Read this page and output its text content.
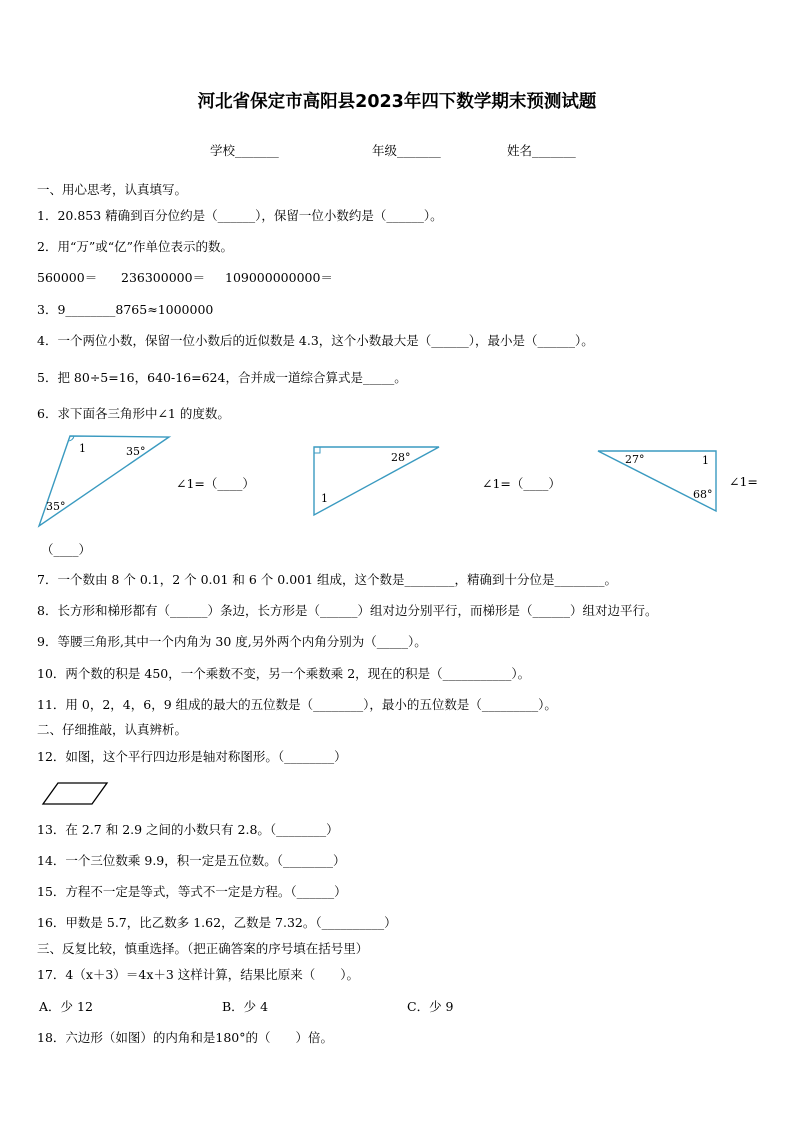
河北省保定市高阳县2023年四下数学期末预测试题
学校_______	年级_______	姓名_______
一、用心思考，认真填写。
1．20.853 精确到百分位约是（______），保留一位小数约是（______）。
2．用“万”或“亿”作单位表示的数。
560000＝ 236300000＝ 109000000000＝
3．9________8765≈1000000
4．一个两位小数，保留一位小数后的近似数是 4.3，这个小数最大是（______），最小是（______）。
5．把 80÷5=16，640-16=624，合并成一道综合算式是_____。
6．求下面各三角形中∠1 的度数。
1	35°
35°
∠1=（____）
28°
1
∠1=（____）
27°	1
68°
∠1=
（____）
7．一个数由 8 个 0.1，2 个 0.01 和 6 个 0.001 组成，这个数是________，精确到十分位是________。
8．长方形和梯形都有（______）条边，长方形是（______）组对边分别平行，而梯形是（______）组对边平行。
9．等腰三角形,其中一个内角为 30 度,另外两个内角分别为（_____）。
10．两个数的积是 450，一个乘数不变，另一个乘数乘 2，现在的积是（___________）。
11．用 0，2，4，6，9 组成的最大的五位数是（________），最小的五位数是（_________）。
二、仔细推敲，认真辨析。
12．如图，这个平行四边形是轴对称图形。（________）
13．在 2.7 和 2.9 之间的小数只有 2.8。（________）
14．一个三位数乘 9.9，积一定是五位数。（________）
15．方程不一定是等式，等式不一定是方程。（______）
16．甲数是 5.7，比乙数多 1.62，乙数是 7.32。（__________）
三、反复比较，慎重选择。（把正确答案的序号填在括号里）
17．4（x＋3）＝4x＋3 这样计算，结果比原来（　　）。
A．少 12	B．少 4	C．少 9
18．六边形（如图）的内角和是180°的（　　）倍。
